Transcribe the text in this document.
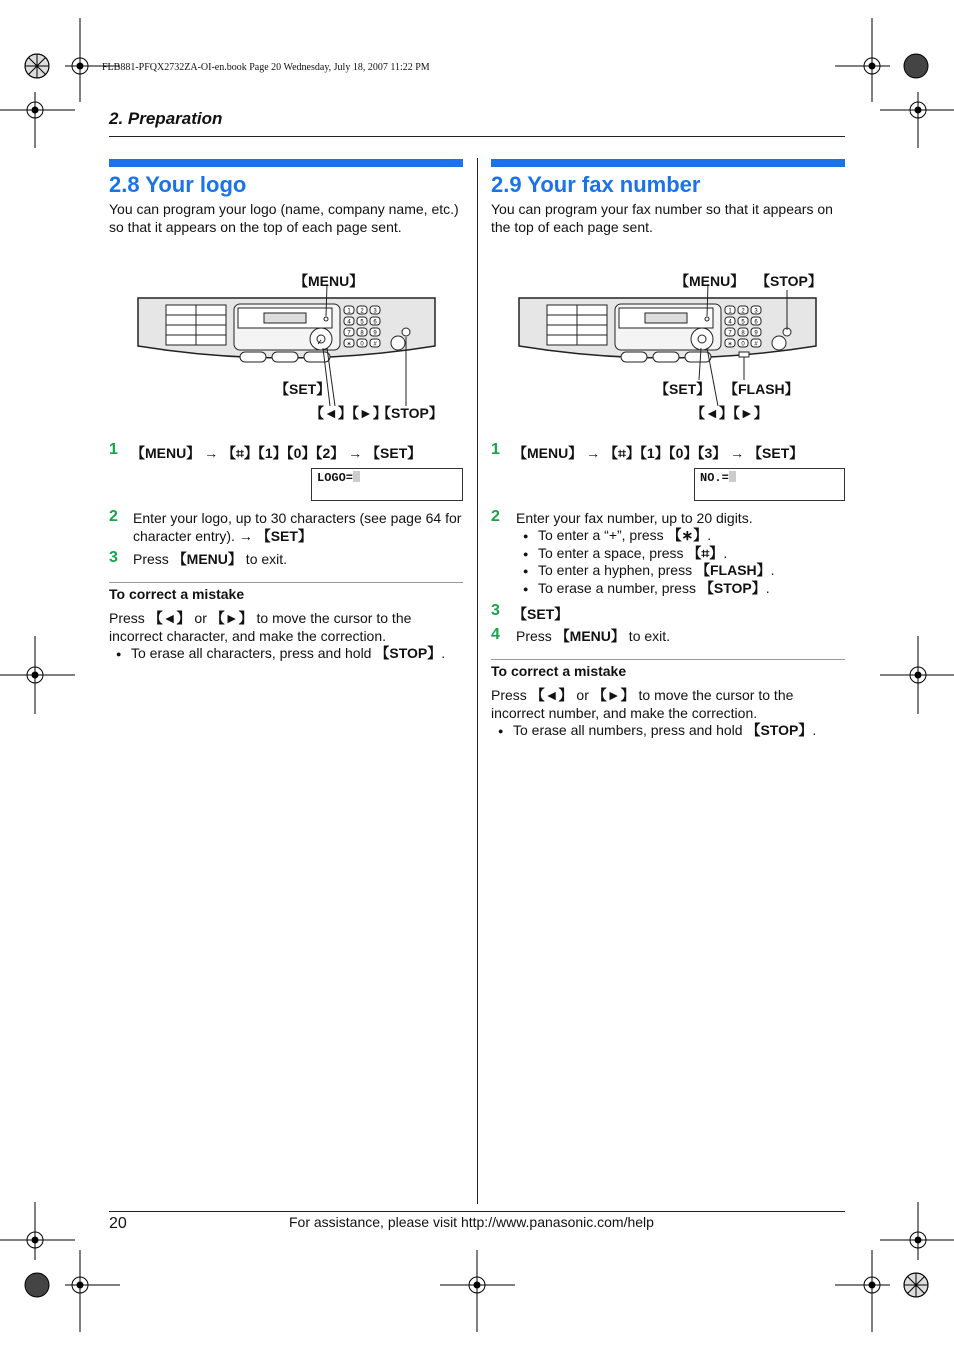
FLB881-PFQX2732ZA-OI-en.book Page 20 Wednesday, July 18, 2007 11:22 PM
2. Preparation
2.8 Your logo
You can program your logo (name, company name, etc.) so that it appears on the top of each page sent.
1 2 3
4 5 6
7 8 9
∗ 0 #
【MENU】
【SET】
【◄】【►】
【STOP】
1 【MENU】 → 【⌗】【1】【0】【2】 → 【SET】
LOGO=
2 Enter your logo, up to 30 characters (see page 64 for character entry). → 【SET】
3 Press 【MENU】 to exit.
To correct a mistake
Press 【◄】 or 【►】 to move the cursor to the incorrect character, and make the correction.
● To erase all characters, press and hold 【STOP】.
2.9 Your fax number
You can program your fax number so that it appears on the top of each page sent.
1 2 3
4 5 6
7 8 9
∗ 0 #
【MENU】 【STOP】
【SET】 【FLASH】
【◄】【►】
1 【MENU】 → 【⌗】【1】【0】【3】 → 【SET】
NO.=
2 Enter your fax number, up to 20 digits.
● To enter a “+”, press 【∗】.
● To enter a space, press 【⌗】.
● To enter a hyphen, press 【FLASH】.
● To erase a number, press 【STOP】.
3 【SET】
4 Press 【MENU】 to exit.
To correct a mistake
Press 【◄】 or 【►】 to move the cursor to the incorrect number, and make the correction.
● To erase all numbers, press and hold 【STOP】.
20	For assistance, please visit http://www.panasonic.com/help
